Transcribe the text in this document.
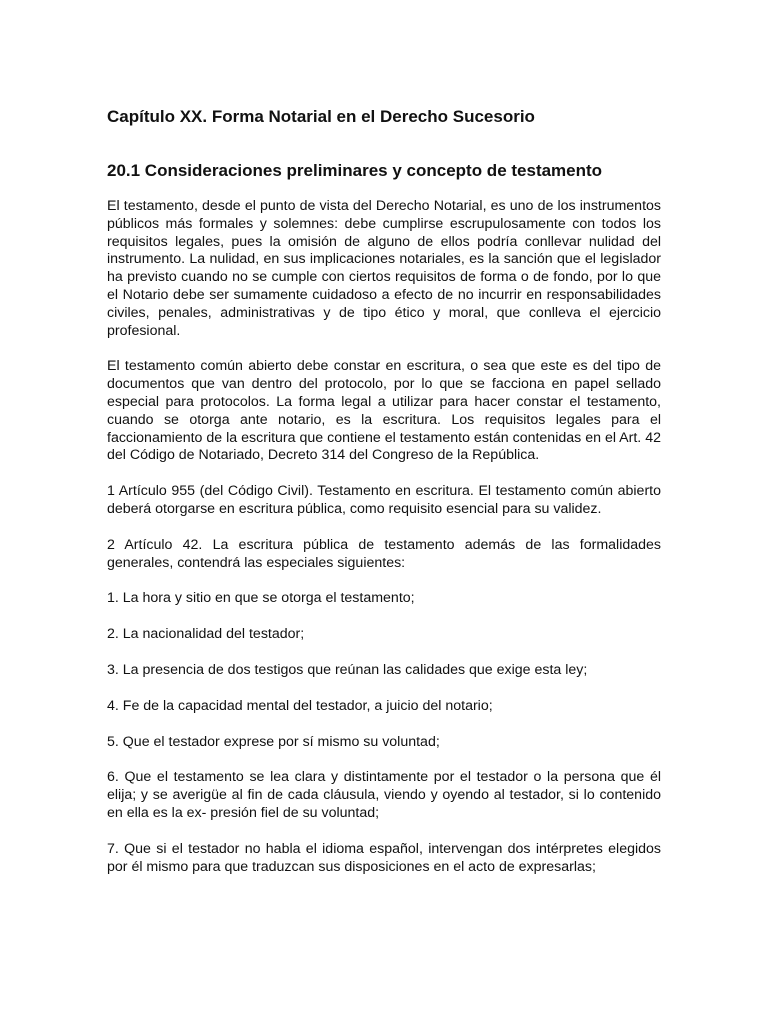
Capítulo XX. Forma Notarial en el Derecho Sucesorio
20.1 Consideraciones preliminares y concepto de testamento

El testamento, desde el punto de vista del Derecho Notarial, es uno de los instrumentos públicos más formales y solemnes: debe cumplirse escrupulosamente con todos los requisitos legales, pues la omisión de alguno de ellos podría conllevar nulidad del instrumento. La nulidad, en sus implicaciones notariales, es la sanción que el legislador ha previsto cuando no se cumple con ciertos requisitos de forma o de fondo, por lo que el Notario debe ser sumamente cuidadoso a efecto de no incurrir en responsabilidades civiles, penales, administrativas y de tipo ético y moral, que conlleva el ejercicio profesional.

El testamento común abierto debe constar en escritura, o sea que este es del tipo de documentos que van dentro del protocolo, por lo que se facciona en papel sellado especial para protocolos. La forma legal a utilizar para hacer constar el testamento, cuando se otorga ante notario, es la escritura. Los requisitos legales para el faccionamiento de la escritura que contiene el testamento están contenidas en el Art. 42 del Código de Notariado, Decreto 314 del Congreso de la República.

1 Artículo 955 (del Código Civil). Testamento en escritura. El testamento común abierto deberá otorgarse en escritura pública, como requisito esencial para su validez.

2 Artículo 42. La escritura pública de testamento además de las formalidades generales, contendrá las especiales siguientes:

1. La hora y sitio en que se otorga el testamento;

2. La nacionalidad del testador;

3. La presencia de dos testigos que reúnan las calidades que exige esta ley;

4. Fe de la capacidad mental del testador, a juicio del notario;

5. Que el testador exprese por sí mismo su voluntad;

6. Que el testamento se lea clara y distintamente por el testador o la persona que él elija; y se averigüe al fin de cada cláusula, viendo y oyendo al testador, si lo contenido en ella es la ex- presión fiel de su voluntad;

7. Que si el testador no habla el idioma español, intervengan dos intérpretes elegidos por él mismo para que traduzcan sus disposiciones en el acto de expresarlas;
